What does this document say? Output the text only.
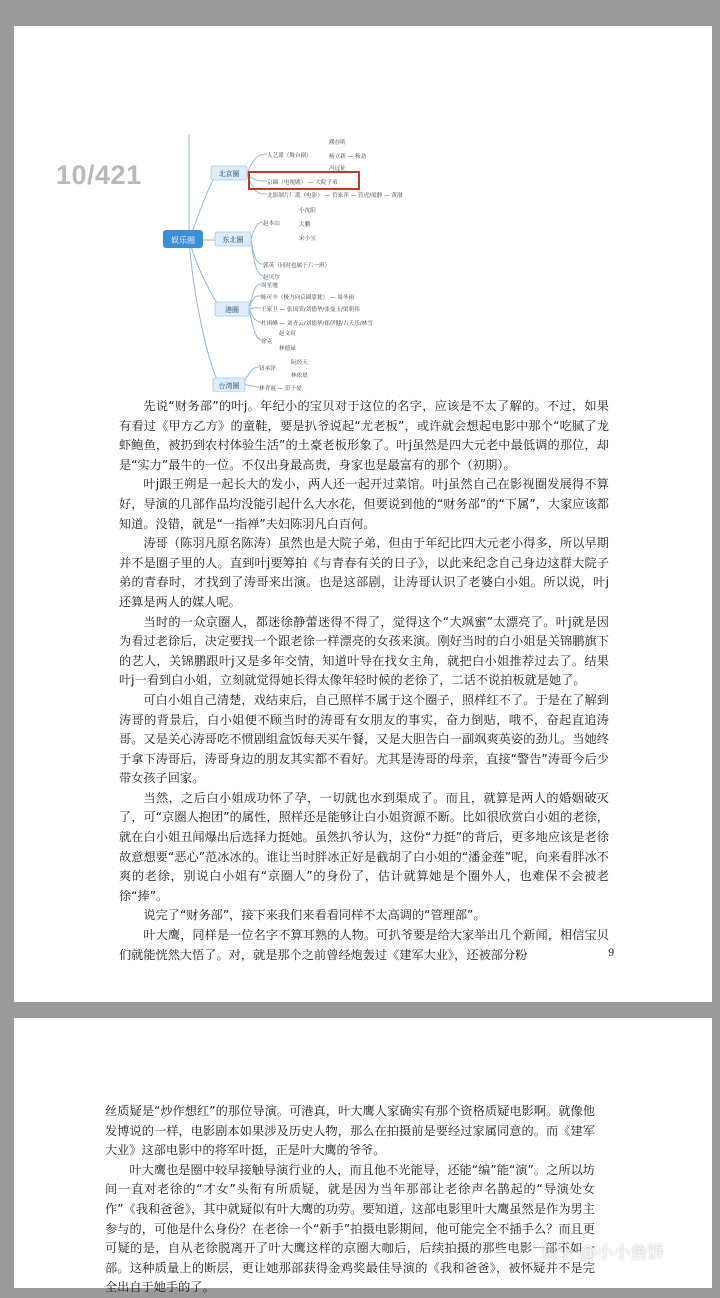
娱乐圈
北京圈
东北圈
港圈
台湾圈
人艺派（舞台剧）
濮存昕
杨立新 — 杨劲
冯远征
京圈（电视剧） — 大院子弟
北影制片厂派（电影） — 管家萍 — 管虎/梁静 — 黄渤
赵本山
小沈阳
大鹏
宋小宝
郭英（同时也属于六一班）
赵贝尔
周星驰
陈可辛（极力向京圈靠拢） — 周冬雨
王家卫 — 张国荣/刘德华/张曼玉/梁朝伟
杜琪峰 — 刘青云/刘德华/郑伊健/古天乐/林雪
徐克
赵文瑄
林德禄
钮承泽
阮经天
林依晨
林青霞 — 彭于晏

先说“财务部”的叶j。年纪小的宝贝对于这位的名字，应该是不太了解的。不过，如果有看过《甲方乙方》的童鞋，要是扒爷说起“尤老板”，或许就会想起电影中那个“吃腻了龙虾鲍鱼，被扔到农村体验生活”的土豪老板形象了。叶j虽然是四大元老中最低调的那位，却是“实力”最牛的一位。不仅出身最高贵，身家也是最富有的那个（初期）。

叶j跟王朔是一起长大的发小，两人还一起开过菜馆。叶j虽然自己在影视圈发展得不算好，导演的几部作品均没能引起什么大水花，但要说到他的“财务部”的“下属”，大家应该都知道。没错，就是“一指禅”夫妇陈羽凡白百何。

涛哥（陈羽凡原名陈涛）虽然也是大院子弟，但由于年纪比四大元老小得多，所以早期并不是圈子里的人。直到叶j要筹拍《与青春有关的日子》，以此来纪念自己身边这群大院子弟的青春时，才找到了涛哥来出演。也是这部剧，让涛哥认识了老婆白小姐。所以说，叶j还算是两人的媒人呢。

当时的一众京圈人，都迷徐静蕾迷得不得了，觉得这个“大飒蜜”太漂亮了。叶j就是因为看过老徐后，决定要找一个跟老徐一样漂亮的女孩来演。刚好当时的白小姐是关锦鹏旗下的艺人，关锦鹏跟叶j又是多年交情，知道叶导在找女主角，就把白小姐推荐过去了。结果叶j一看到白小姐，立刻就觉得她长得太像年轻时候的老徐了，二话不说拍板就是她了。

可白小姐自己清楚，戏结束后，自己照样不属于这个圈子，照样红不了。于是在了解到涛哥的背景后，白小姐便不顾当时的涛哥有女朋友的事实，奋力倒贴，哦不，奋起直追涛哥。又是关心涛哥吃不惯剧组盒饭每天买午餐，又是大胆告白一副飒爽英姿的劲儿。当她终于拿下涛哥后，涛哥身边的朋友其实都不看好。尤其是涛哥的母亲，直接“警告”涛哥今后少带女孩子回家。

当然，之后白小姐成功怀了孕，一切就也水到渠成了。而且，就算是两人的婚姻破灭了，可“京圈人抱团”的属性，照样还是能够让白小姐资源不断。比如很欣赏白小姐的老徐，就在白小姐丑闻爆出后选择力挺她。虽然扒爷认为，这份“力挺”的背后，更多地应该是老徐故意想要“恶心”范冰冰的。谁让当时胖冰正好是截胡了白小姐的“潘金莲”呢，向来看胖冰不爽的老徐，别说白小姐有“京圈人”的身份了，估计就算她是个圈外人，也难保不会被老徐“捧”。

说完了“财务部”，接下来我们来看看同样不太高调的“管理部”。

叶大鹰，同样是一位名字不算耳熟的人物。可扒爷要是给大家举出几个新闻，相信宝贝们就能恍然大悟了。对，就是那个之前曾经炮轰过《建军大业》，还被部分粉	9
10/421

丝质疑是“炒作想红”的那位导演。可港真，叶大鹰人家确实有那个资格质疑电影啊。就像他发博说的一样，电影剧本如果涉及历史人物，那么在拍摄前是要经过家属同意的。而《建军大业》这部电影中的将军叶挺，正是叶大鹰的爷爷。

叶大鹰也是圈中较早接触导演行业的人，而且他不光能导，还能“编”能“演”。之所以坊间一直对老徐的“才女”头衔有所质疑，就是因为当年那部让老徐声名鹊起的“导演处女作”《我和爸爸》，其中就疑似有叶大鹰的功劳。要知道，这部电影里叶大鹰虽然是作为男主参与的，可他是什么身份？在老徐一个“新手”拍摄电影期间，他可能完全不插手么？而且更可疑的是，自从老徐脱离开了叶大鹰这样的京圈大咖后，后续拍摄的那些电影一部不如一部。这种质量上的断层，更让她那部获得金鸡奖最佳导演的《我和爸爸》，被怀疑并不是完全出自于她手的了。

知乎 @小小鱼饼
